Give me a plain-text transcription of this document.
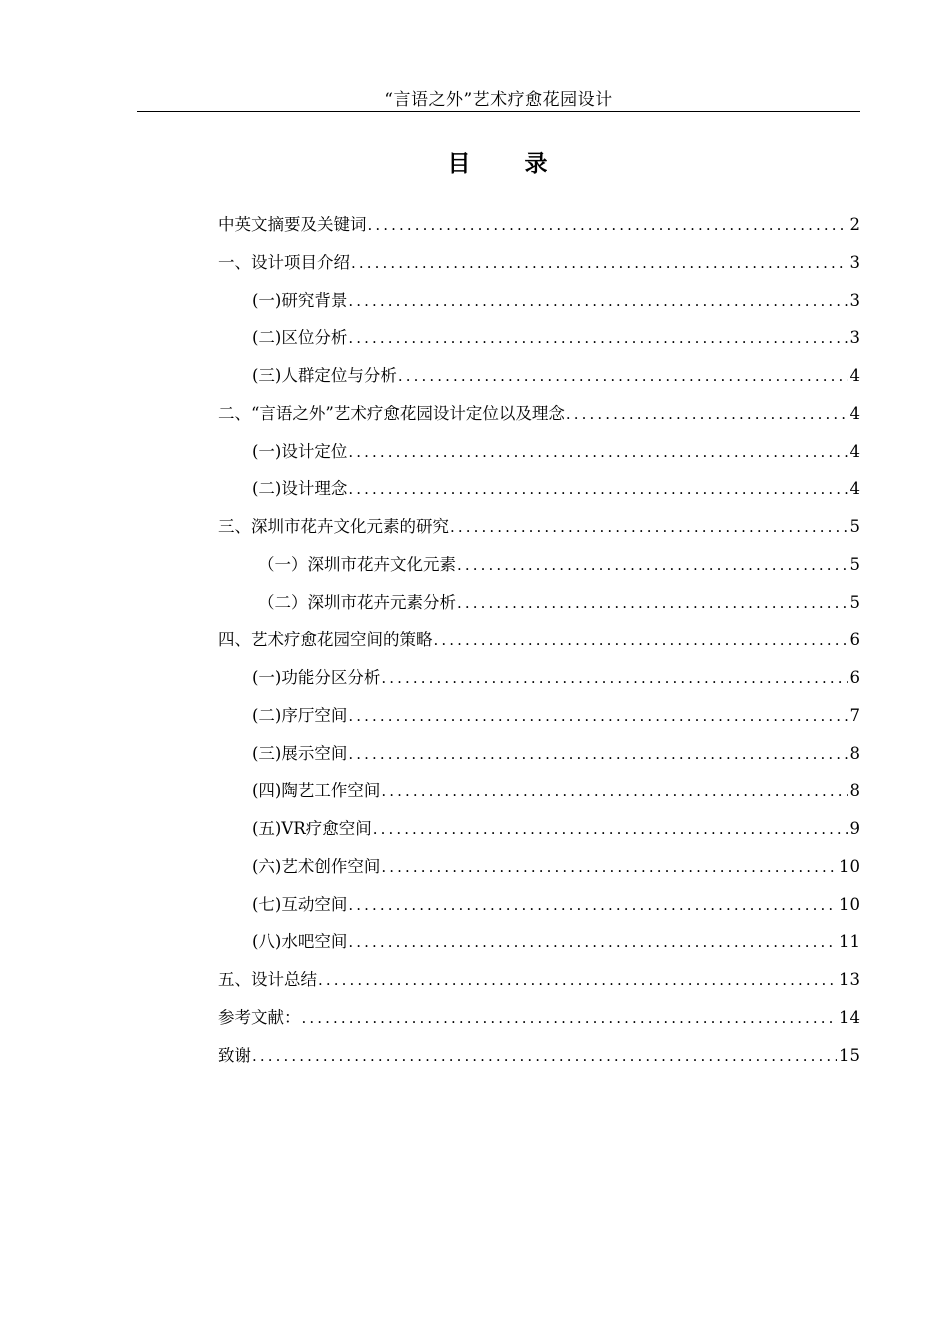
“言语之外”艺术疗愈花园设计
目 录
中英文摘要及关键词 .....	2
一、设计项目介绍 .....	3
(一)研究背景 .....	3
(二)区位分析 .....	3
(三)人群定位与分析 .....	4
二、“言语之外”艺术疗愈花园设计定位以及理念 .....	4
(一)设计定位 .....	4
(二)设计理念 .....	4
三、深圳市花卉文化元素的研究 .....	5
（一）深圳市花卉文化元素 .....	5
（二）深圳市花卉元素分析 .....	5
四、艺术疗愈花园空间的策略 .....	6
(一)功能分区分析 .....	6
(二)序厅空间 .....	7
(三)展示空间 .....	8
(四)陶艺工作空间 .....	8
(五)VR疗愈空间 .....	9
(六)艺术创作空间 .....	10
(七)互动空间 .....	10
(八)水吧空间 .....	11
五、设计总结 .....	13
参考文献： .....	14
致谢 .....	15
